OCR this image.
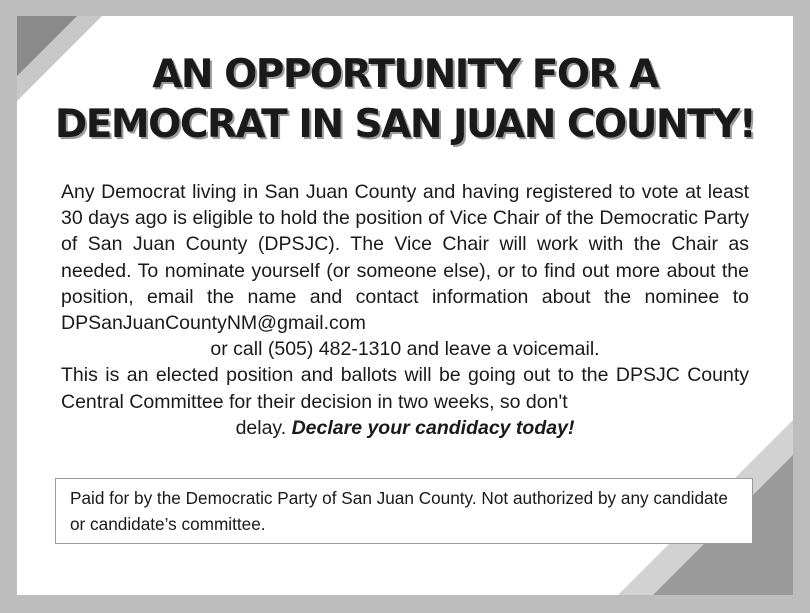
AN OPPORTUNITY FOR A
DEMOCRAT IN SAN JUAN COUNTY!

Any Democrat living in San Juan County and having registered to vote at least 30 days ago is eligible to hold the position of Vice Chair of the Democratic Party of San Juan County (DPSJC). The Vice Chair will work with the Chair as needed. To nominate yourself (or someone else), or to find out more about the position, email the name and contact information about the nominee to DPSanJuanCountyNM@gmail.com

or call (505) 482-1310 and leave a voicemail.

This is an elected position and ballots will be going out to the DPSJC County Central Committee for their decision in two weeks, so don't

delay. Declare your candidacy today!

Paid for by the Democratic Party of San Juan County. Not authorized by any candidate or candidate’s committee.
